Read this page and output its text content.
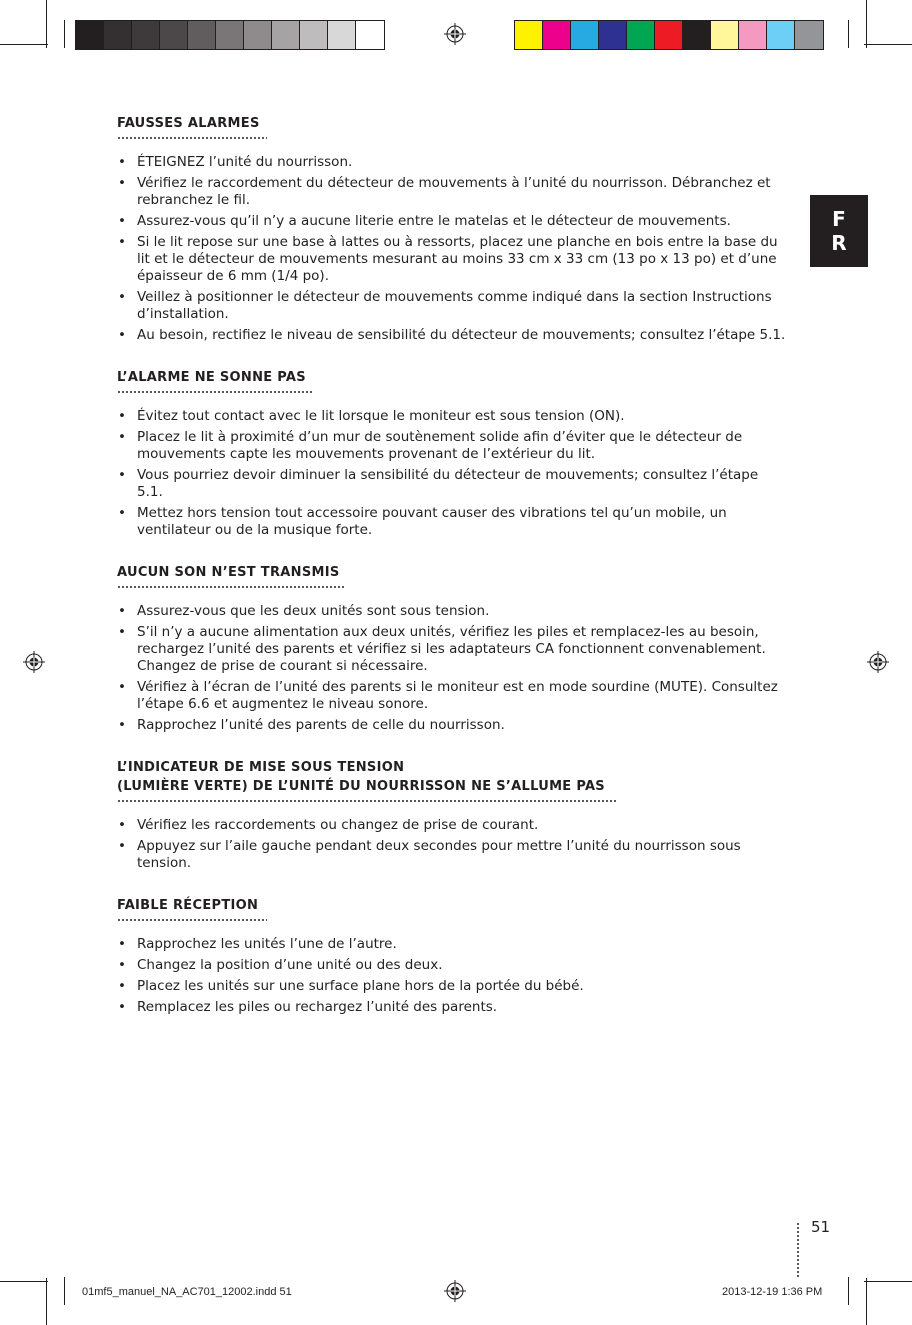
F
R
FAUSSES ALARMES
• ÉTEIGNEZ l’unité du nourrisson.
• Vérifiez le raccordement du détecteur de mouvements à l’unité du nourrisson. Débranchez et rebranchez le fil.
• Assurez-vous qu’il n’y a aucune literie entre le matelas et le détecteur de mouvements.
• Si le lit repose sur une base à lattes ou à ressorts, placez une planche en bois entre la base du lit et le détecteur de mouvements mesurant au moins 33 cm x 33 cm (13 po x 13 po) et d’une épaisseur de 6 mm (1/4 po).
• Veillez à positionner le détecteur de mouvements comme indiqué dans la section Instructions d’installation.
• Au besoin, rectifiez le niveau de sensibilité du détecteur de mouvements; consultez l’étape 5.1.
L’ALARME NE SONNE PAS
• Évitez tout contact avec le lit lorsque le moniteur est sous tension (ON).
• Placez le lit à proximité d’un mur de soutènement solide afin d’éviter que le détecteur de mouvements capte les mouvements provenant de l’extérieur du lit.
• Vous pourriez devoir diminuer la sensibilité du détecteur de mouvements; consultez l’étape 5.1.
• Mettez hors tension tout accessoire pouvant causer des vibrations tel qu’un mobile, un ventilateur ou de la musique forte.
AUCUN SON N’EST TRANSMIS
• Assurez-vous que les deux unités sont sous tension.
• S’il n’y a aucune alimentation aux deux unités, vérifiez les piles et remplacez-les au besoin, rechargez l’unité des parents et vérifiez si les adaptateurs CA fonctionnent convenablement. Changez de prise de courant si nécessaire.
• Vérifiez à l’écran de l’unité des parents si le moniteur est en mode sourdine (MUTE). Consultez l’étape 6.6 et augmentez le niveau sonore.
• Rapprochez l’unité des parents de celle du nourrisson.
L’INDICATEUR DE MISE SOUS TENSION
(LUMIÈRE VERTE) DE L’UNITÉ DU NOURRISSON NE S’ALLUME PAS
• Vérifiez les raccordements ou changez de prise de courant.
• Appuyez sur l’aile gauche pendant deux secondes pour mettre l’unité du nourrisson sous tension.
FAIBLE RÉCEPTION
• Rapprochez les unités l’une de l’autre.
• Changez la position d’une unité ou des deux.
• Placez les unités sur une surface plane hors de la portée du bébé.
• Remplacez les piles ou rechargez l’unité des parents.
51
01mf5_manuel_NA_AC701_12002.indd 51	2013-12-19 1:36 PM
